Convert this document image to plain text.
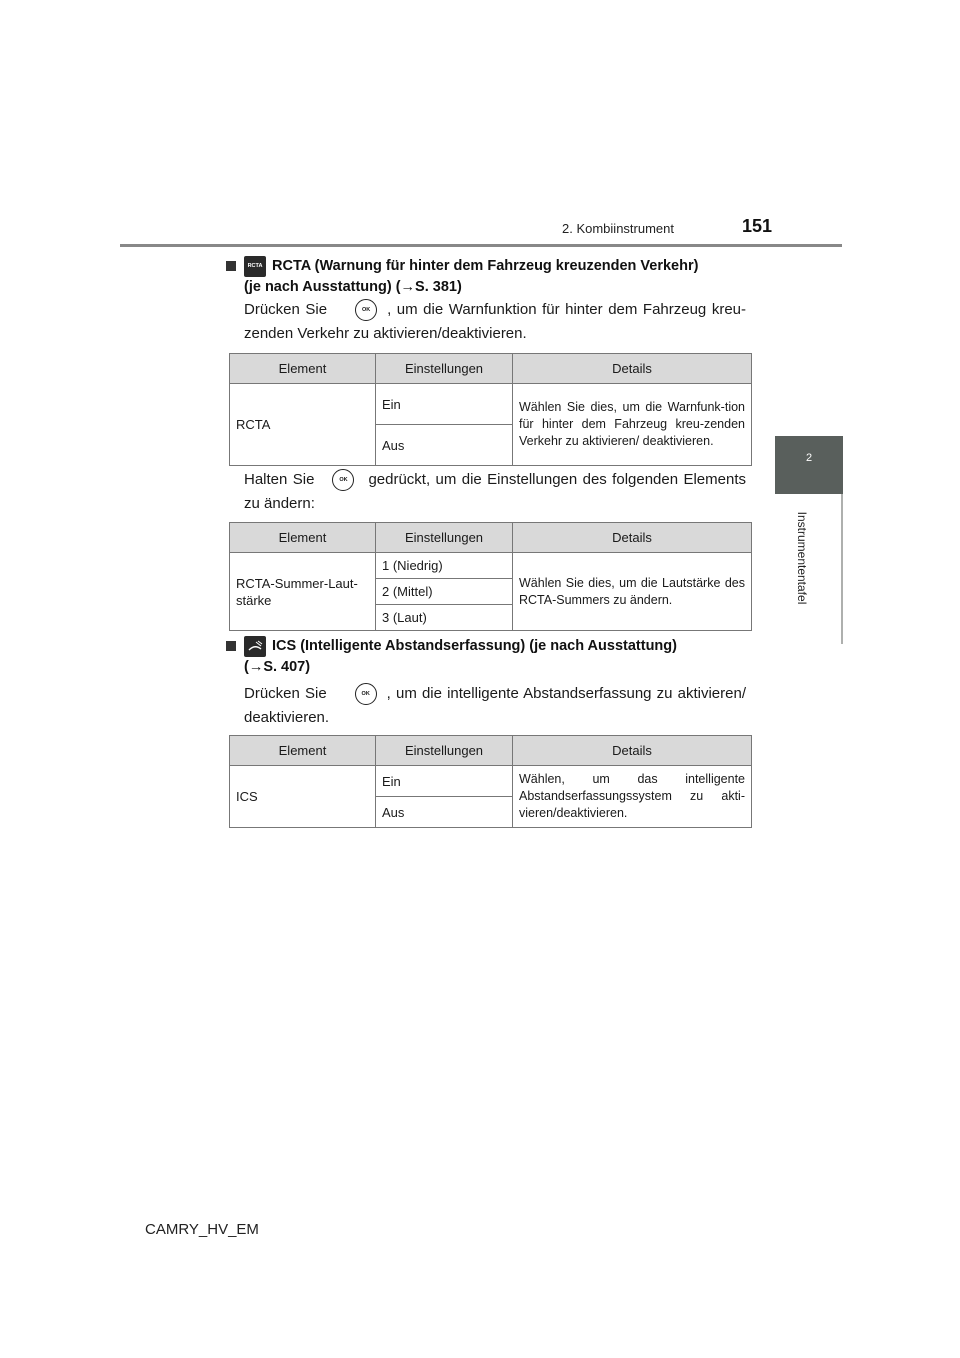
2. Kombiinstrument	151
2
Instrumententafel
RCTA RCTA (Warnung für hinter dem Fahrzeug kreuzenden Verkehr)
(je nach Ausstattung) (→S. 381)
Drücken Sie	OK , um die Warnfunktion für hinter dem Fahrzeug kreu-zenden Verkehr zu aktivieren/deaktivieren.
Element	Einstellungen	Details
RCTA	Ein	Wählen Sie dies, um die Warnfunk-tion für hinter dem Fahrzeug kreu-zenden Verkehr zu aktivieren/ deaktivieren.
	Aus	
Halten Sie	OK gedrückt, um die Einstellungen des folgenden Elements zu ändern:
Element	Einstellungen	Details
RCTA-Summer-Laut-stärke	1 (Niedrig)	Wählen Sie dies, um die Lautstärke des RCTA-Summers zu ändern.
	2 (Mittel)	
	3 (Laut)	
ICS (Intelligente Abstandserfassung) (je nach Ausstattung)
(→S. 407)
Drücken Sie	OK , um die intelligente Abstandserfassung zu aktivieren/ deaktivieren.
Element	Einstellungen	Details
ICS	Ein	Wählen, um das intelligente Abstandserfassungssystem zu akti-vieren/deaktivieren.
	Aus	
CAMRY_HV_EM
